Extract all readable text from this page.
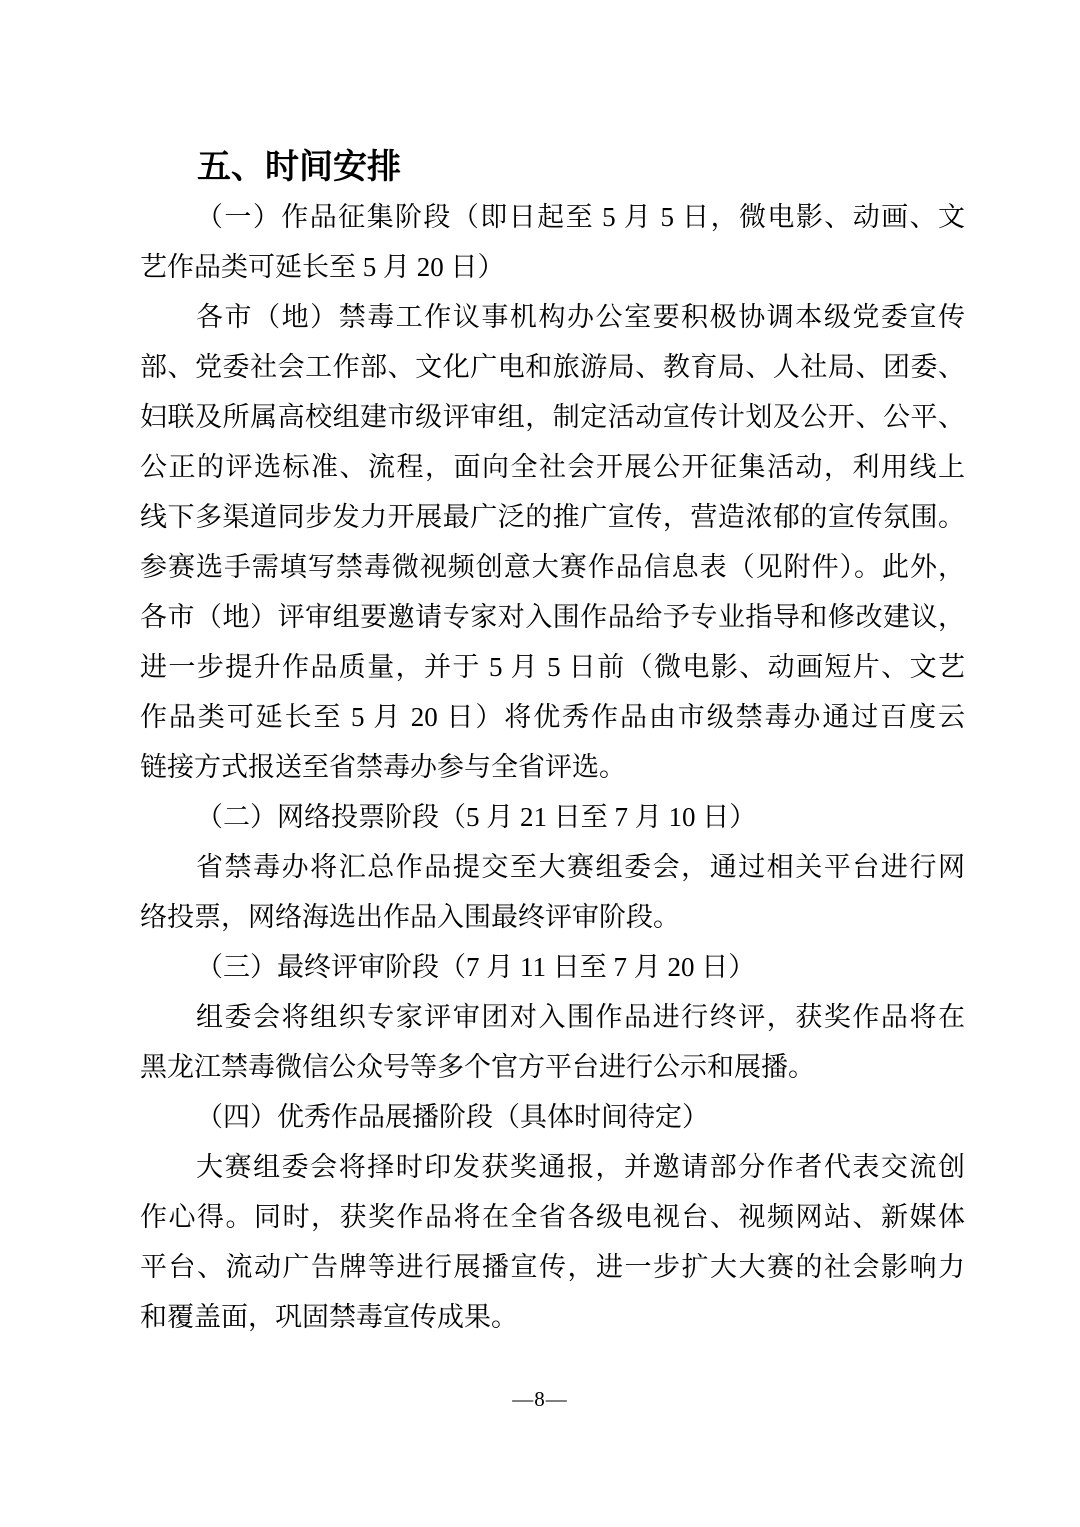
五、时间安排
（一）作品征集阶段（即日起至 5 月 5 日，微电影、动画、文
艺作品类可延长至 5 月 20 日）
各市（地）禁毒工作议事机构办公室要积极协调本级党委宣传
部、党委社会工作部、文化广电和旅游局、教育局、人社局、团委、
妇联及所属高校组建市级评审组，制定活动宣传计划及公开、公平、
公正的评选标准、流程，面向全社会开展公开征集活动，利用线上
线下多渠道同步发力开展最广泛的推广宣传，营造浓郁的宣传氛围。
参赛选手需填写禁毒微视频创意大赛作品信息表（见附件）。此外，
各市（地）评审组要邀请专家对入围作品给予专业指导和修改建议，
进一步提升作品质量，并于 5 月 5 日前（微电影、动画短片、文艺
作品类可延长至 5 月 20 日）将优秀作品由市级禁毒办通过百度云
链接方式报送至省禁毒办参与全省评选。
（二）网络投票阶段（5 月 21 日至 7 月 10 日）
省禁毒办将汇总作品提交至大赛组委会，通过相关平台进行网
络投票，网络海选出作品入围最终评审阶段。
（三）最终评审阶段（7 月 11 日至 7 月 20 日）
组委会将组织专家评审团对入围作品进行终评，获奖作品将在
黑龙江禁毒微信公众号等多个官方平台进行公示和展播。
（四）优秀作品展播阶段（具体时间待定）
大赛组委会将择时印发获奖通报，并邀请部分作者代表交流创
作心得。同时，获奖作品将在全省各级电视台、视频网站、新媒体
平台、流动广告牌等进行展播宣传，进一步扩大大赛的社会影响力
和覆盖面，巩固禁毒宣传成果。
—8—
